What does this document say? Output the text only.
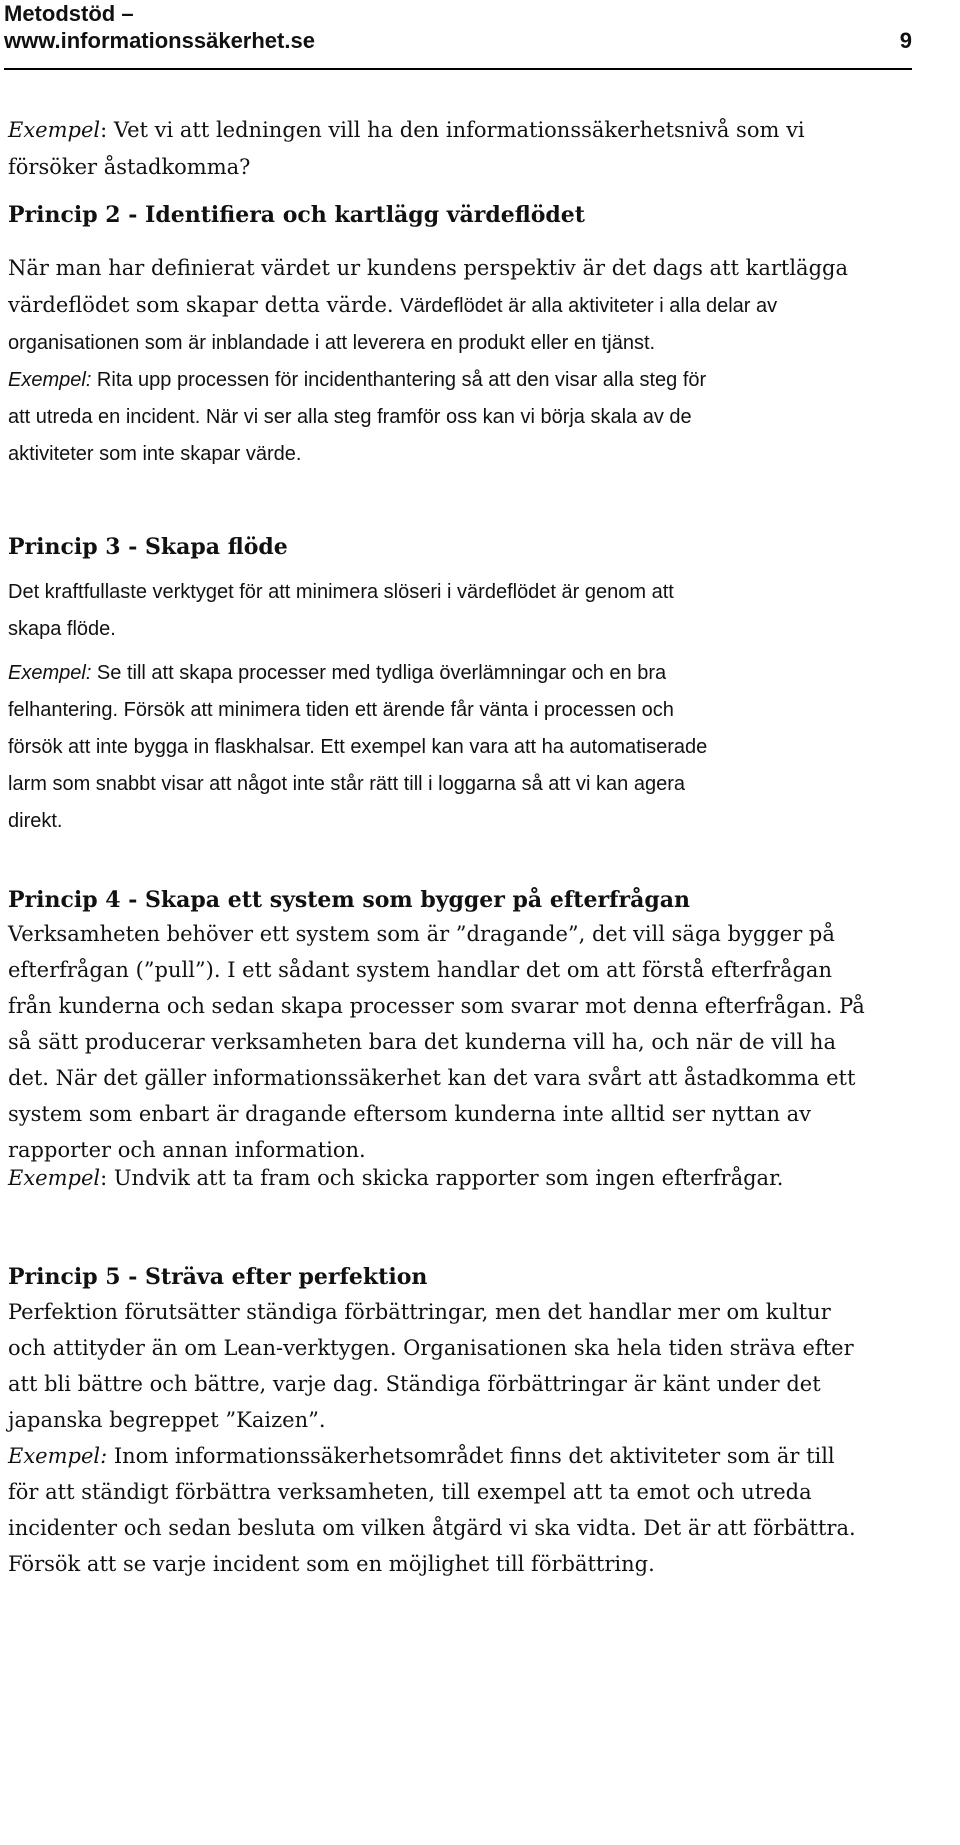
Metodstöd –
www.informationssäkerhet.se	9

Exempel: Vet vi att ledningen vill ha den informationssäkerhetsnivå som vi
försöker åstadkomma?

Princip 2 - Identifiera och kartlägg värdeflödet

När man har definierat värdet ur kundens perspektiv är det dags att kartlägga
värdeflödet som skapar detta värde. Värdeflödet är alla aktiviteter i alla delar av
organisationen som är inblandade i att leverera en produkt eller en tjänst.

Exempel: Rita upp processen för incidenthantering så att den visar alla steg för
att utreda en incident. När vi ser alla steg framför oss kan vi börja skala av de
aktiviteter som inte skapar värde.

Princip 3 - Skapa flöde

Det kraftfullaste verktyget för att minimera slöseri i värdeflödet är genom att
skapa flöde.

Exempel: Se till att skapa processer med tydliga överlämningar och en bra
felhantering. Försök att minimera tiden ett ärende får vänta i processen och
försök att inte bygga in flaskhalsar. Ett exempel kan vara att ha automatiserade
larm som snabbt visar att något inte står rätt till i loggarna så att vi kan agera
direkt.

Princip 4 - Skapa ett system som bygger på efterfrågan

Verksamheten behöver ett system som är ”dragande”, det vill säga bygger på
efterfrågan (”pull”). I ett sådant system handlar det om att förstå efterfrågan
från kunderna och sedan skapa processer som svarar mot denna efterfrågan. På
så sätt producerar verksamheten bara det kunderna vill ha, och när de vill ha
det. När det gäller informationssäkerhet kan det vara svårt att åstadkomma ett
system som enbart är dragande eftersom kunderna inte alltid ser nyttan av
rapporter och annan information.

Exempel: Undvik att ta fram och skicka rapporter som ingen efterfrågar.

Princip 5 - Sträva efter perfektion

Perfektion förutsätter ständiga förbättringar, men det handlar mer om kultur
och attityder än om Lean-verktygen. Organisationen ska hela tiden sträva efter
att bli bättre och bättre, varje dag. Ständiga förbättringar är känt under det
japanska begreppet ”Kaizen”.

Exempel: Inom informationssäkerhetsområdet finns det aktiviteter som är till
för att ständigt förbättra verksamheten, till exempel att ta emot och utreda
incidenter och sedan besluta om vilken åtgärd vi ska vidta. Det är att förbättra.
Försök att se varje incident som en möjlighet till förbättring.
